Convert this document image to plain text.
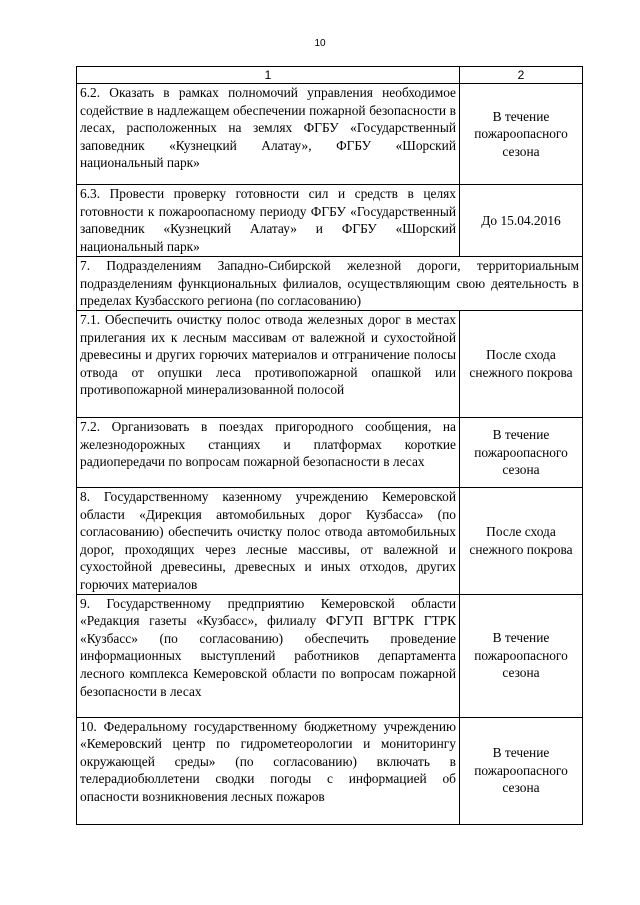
10
1	2
6.2. Оказать в рамках полномочий управления необходимое содействие в надлежащем обеспечении пожарной безопасности в лесах, расположенных на землях ФГБУ «Государственный заповедник «Кузнецкий Алатау», ФГБУ «Шорский национальный парк»	В течение пожароопасного сезона
6.3. Провести проверку готовности сил и средств в целях готовности к пожароопасному периоду ФГБУ «Государственный заповедник «Кузнецкий Алатау» и ФГБУ «Шорский национальный парк»	До 15.04.2016
7. Подразделениям Западно-Сибирской железной дороги, территориальным подразделениям функциональных филиалов, осуществляющим свою деятельность в пределах Кузбасского региона (по согласованию)	
7.1. Обеспечить очистку полос отвода железных дорог в местах прилегания их к лесным массивам от валежной и сухостойной древесины и других горючих материалов и отграничение полосы отвода от опушки леса противопожарной опашкой или противопожарной минерализованной полосой	После схода снежного покрова
7.2. Организовать в поездах пригородного сообщения, на железнодорожных станциях и платформах короткие радиопередачи по вопросам пожарной безопасности в лесах	В течение пожароопасного сезона
8. Государственному казенному учреждению Кемеровской области «Дирекция автомобильных дорог Кузбасса» (по согласованию) обеспечить очистку полос отвода автомобильных дорог, проходящих через лесные массивы, от валежной и сухостойной древесины, древесных и иных отходов, других горючих материалов	После схода снежного покрова
9. Государственному предприятию Кемеровской области «Редакция газеты «Кузбасс», филиалу ФГУП ВГТРК ГТРК «Кузбасс» (по согласованию) обеспечить проведение информационных выступлений работников департамента лесного комплекса Кемеровской области по вопросам пожарной безопасности в лесах	В течение пожароопасного сезона
10. Федеральному государственному бюджетному учреждению «Кемеровский центр по гидрометеорологии и мониторингу окружающей среды» (по согласованию) включать в телерадиобюллетени сводки погоды с информацией об опасности возникновения лесных пожаров	В течение пожароопасного сезона
